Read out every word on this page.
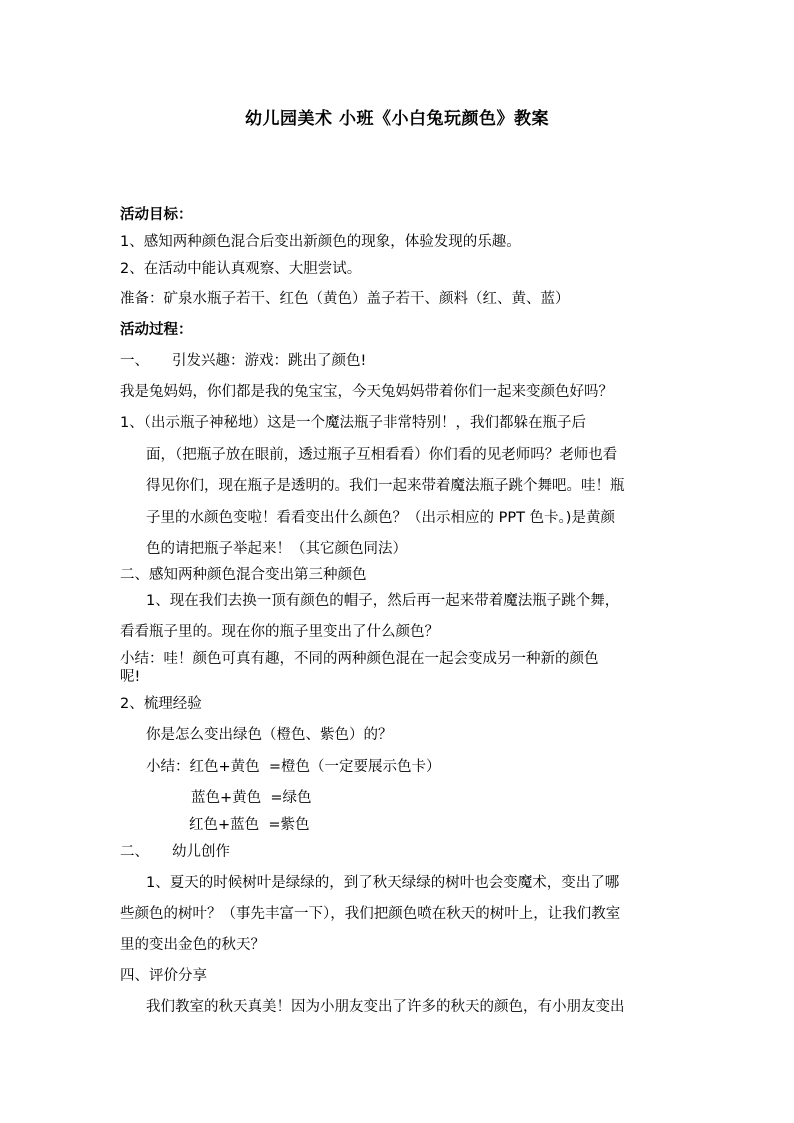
幼儿园美术 小班《小白兔玩颜色》教案
活动目标：
1、感知两种颜色混合后变出新颜色的现象，体验发现的乐趣。
2、在活动中能认真观察、大胆尝试。
准备：矿泉水瓶子若干、红色（黄色）盖子若干、颜料（红、黄、蓝）
活动过程：
一、     引发兴趣：游戏：跳出了颜色!
我是兔妈妈，你们都是我的兔宝宝，今天兔妈妈带着你们一起来变颜色好吗？
1、（出示瓶子神秘地）这是一个魔法瓶子非常特别！，我们都躲在瓶子后
面，（把瓶子放在眼前，透过瓶子互相看看）你们看的见老师吗？老师也看
得见你们，现在瓶子是透明的。我们一起来带着魔法瓶子跳个舞吧。哇！瓶
子里的水颜色变啦！看看变出什么颜色？（出示相应的 PPT 色卡。)是黄颜
色的请把瓶子举起来！（其它颜色同法）
二、感知两种颜色混合变出第三种颜色
1、现在我们去换一顶有颜色的帽子，然后再一起来带着魔法瓶子跳个舞，
看看瓶子里的。现在你的瓶子里变出了什么颜色？
小结：哇！颜色可真有趣，不同的两种颜色混在一起会变成另一种新的颜色
呢!
2、梳理经验
你是怎么变出绿色（橙色、紫色）的？
小结：红色+黄色  =橙色（一定要展示色卡）
蓝色+黄色  =绿色
红色+蓝色  =紫色
二、     幼儿创作
1、夏天的时候树叶是绿绿的，到了秋天绿绿的树叶也会变魔术，变出了哪
些颜色的树叶？（事先丰富一下），我们把颜色喷在秋天的树叶上，让我们教室
里的变出金色的秋天？
四、评价分享
我们教室的秋天真美！因为小朋友变出了许多的秋天的颜色，有小朋友变出
